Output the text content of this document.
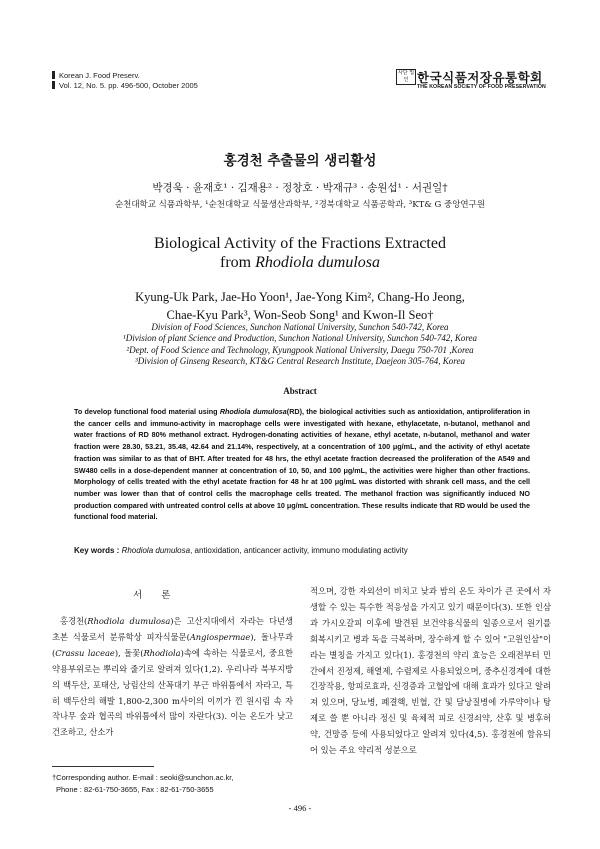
Korean J. Food Preserv.
Vol. 12, No. 5. pp. 496-500, October 2005
사단 법인 한국식품저장유통학회
THE KOREAN SOCIETY OF FOOD PRESERVATION
홍경천 추출물의 생리활성
박경욱 · 윤재호¹ · 김재용² · 정창호 · 박재규³ · 송원섭¹ · 서권일†
순천대학교 식품과학부, ¹순천대학교 식물생산과학부, ²경북대학교 식품공학과, ³KT& G 중앙연구원
Biological Activity of the Fractions Extracted
from Rhodiola dumulosa
Kyung-Uk Park, Jae-Ho Yoon¹, Jae-Yong Kim², Chang-Ho Jeong,
Chae-Kyu Park³, Won-Seob Song¹ and Kwon-Il Seo†
Division of Food Sciences, Sunchon National University, Sunchon 540-742, Korea
¹Division of plant Science and Production, Sunchon National University, Sunchon 540-742, Korea
²Dept. of Food Science and Technology, Kyungpook National University, Daegu 750-701 ,Korea
³Division of Ginseng Research, KT&G Central Research Institute, Daejeon 305-764, Korea
Abstract
To develop functional food material using Rhodiola dumulosa(RD), the biological activities such as antioxidation, antiproliferation in the cancer cells and immuno-activity in macrophage cells were investigated with hexane, ethylacetate, n-butanol, methanol and water fractions of RD 80% methanol extract. Hydrogen-donating activities of hexane, ethyl acetate, n-butanol, methanol and water fraction were 28.30, 53.21, 35.48, 42.64 and 21.14%, respectively, at a concentration of 100 μg/mL, and the activity of ethyl acetate fraction was similar to as that of BHT. After treated for 48 hrs, the ethyl acetate fraction decreased the proliferation of the A549 and SW480 cells in a dose-dependent manner at concentration of 10, 50, and 100 μg/mL, the activities were higher than other fractions. Morphology of cells treated with the ethyl acetate fraction for 48 hr at 100 μg/mL was distorted with shrank cell mass, and the cell number was lower than that of control cells the macrophage cells treated. The methanol fraction was significantly induced NO production compared with untreated control cells at above 10 μg/mL concentration. These results indicate that RD would be used the functional food material.
Key words : Rhodiola dumulosa, antioxidation, anticancer activity, immuno modulating activity
서 론
홍경천(Rhodiola dumulosa)은 고산지대에서 자라는 다년생 초본 식물로서 분류학상 피자식물문(Angiospermae), 돌나무과(Crassu laceae), 돌꽃(Rhodiola)속에 속하는 식물로서, 중요한 약용부위로는 뿌리와 줄기로 알려져 있다(1,2). 우리나라 북부지방의 백두산, 포태산, 낭림산의 산꼭대기 부근 바위틈에서 자라고, 특히 백두산의 해발 1,800-2,300 m사이의 이끼가 낀 원시림 속 자작나무 숲과 협곡의 바위틈에서 많이 자란다(3). 이는 온도가 낮고 건조하고, 산소가
적으며, 강한 자외선이 비치고 낮과 밤의 온도 차이가 큰 곳에서 자생할 수 있는 특수한 적응성을 가지고 있기 때문이다(3). 또한 인삼과 가시오갈피 이후에 발견된 보건약용식물의 일종으로서 원기를 회복시키고 병과 독을 극복하며, 장수하게 할 수 있어 "고원인삼"이라는 별칭을 가지고 있다(1). 홍경천의 약리 효능은 오래전부터 민간에서 진정제, 해열제, 수렴제로 사용되었으며, 중추신경계에 대한 긴장작용, 항피로효과, 신경증과 고혈압에 대해 효과가 있다고 알려져 있으며, 당뇨병, 폐결핵, 빈혈, 간 및 담낭질병에 가루약이나 탕제로 쓸 뿐 아니라 정신 및 육체적 피로 신경쇠약, 산후 및 병후허약, 건망증 등에 사용되었다고 알려져 있다(4,5). 홍경천에 함유되어 있는 주요 약리적 성분으로
†Corresponding author. E-mail : seoki@sunchon.ac.kr,
Phone : 82-61-750-3655, Fax : 82-61-750-3655
- 496 -
